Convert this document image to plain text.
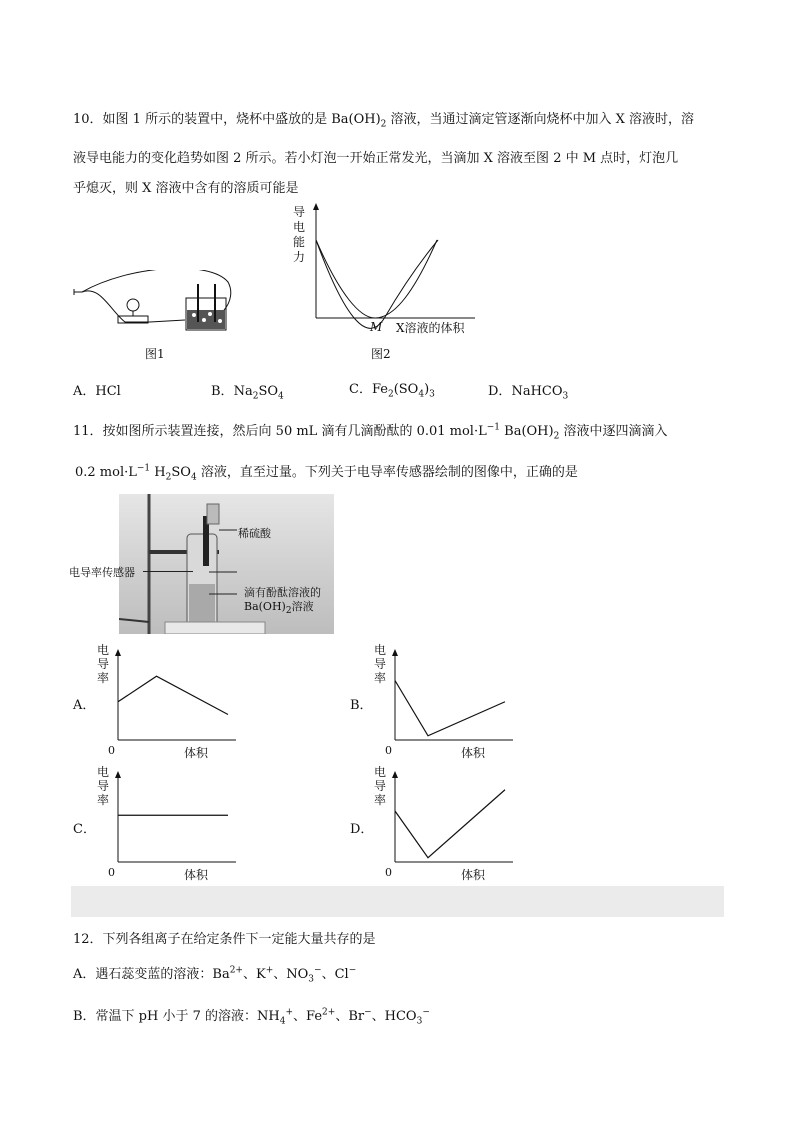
10．如图 1 所示的装置中，烧杯中盛放的是 $Ba(OH)_2$ 溶液，当通过滴定管逐渐向烧杯中加入 X 溶液时，溶
液导电能力的变化趋势如图 2 所示。若小灯泡一开始正常发光，当滴加 X 溶液至图 2 中 M 点时，灯泡几
乎熄灭，则 X 溶液中含有的溶质可能是
图1
导
电
能
力
M X溶液的体积
图2
A．HCl	B．$Na_2SO_4$	C．$Fe_2(SO_4)_3$	D．NaHCO$_3$
11．按如图所示装置连接，然后向 50 mL 滴有几滴酚酞的 0.01 $mol\cdot L^{-1}$ $Ba(OH)_2$ 溶液中逐四滴滴入
0.2 $mol\cdot L^{-1}$ $H_2SO_4$ 溶液，直至过量。下列关于电导率传感器绘制的图像中，正确的是
稀硫酸
电导率传感器
滴有酚酞溶液的
$Ba(OH)_2$溶液
A．	B．
C．	D．
电
导
率
0	体积
电
导
率
0	体积
电
导
率
0	体积
电
导
率
0	体积
12．下列各组离子在给定条件下一定能大量共存的是
A．遇石蕊变蓝的溶液：$Ba^{2+}$、K+、$NO_3^-$、Cl−
B．常温下 pH 小于 7 的溶液：$NH_4^+$、$Fe^{2+}$、Br−、$HCO_3^-$
